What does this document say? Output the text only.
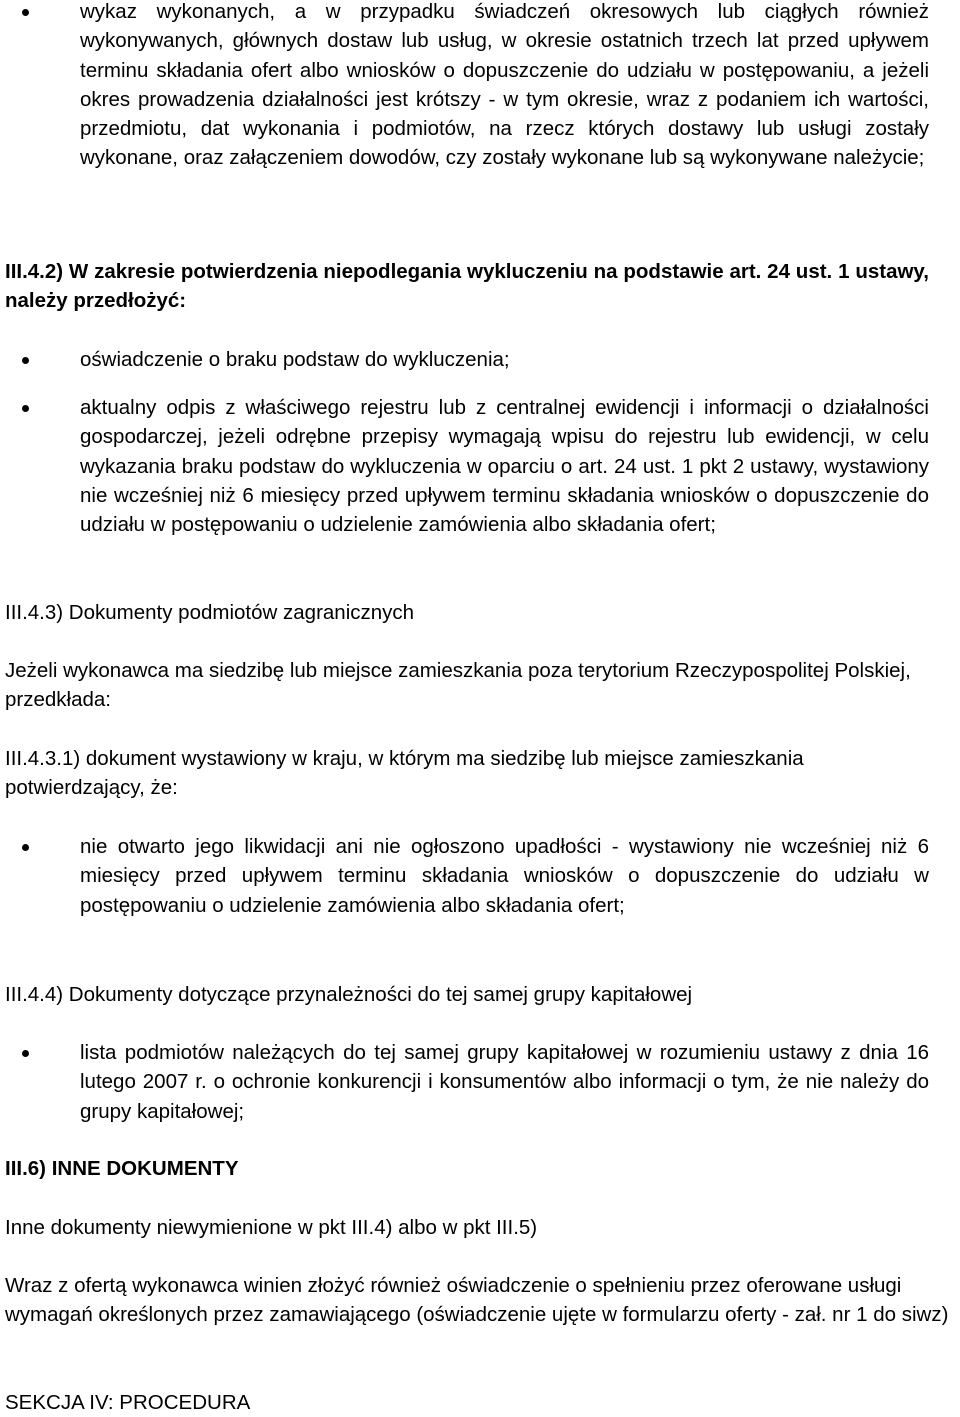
wykaz wykonanych, a w przypadku świadczeń okresowych lub ciągłych również wykonywanych, głównych dostaw lub usług, w okresie ostatnich trzech lat przed upływem terminu składania ofert albo wniosków o dopuszczenie do udziału w postępowaniu, a jeżeli okres prowadzenia działalności jest krótszy - w tym okresie, wraz z podaniem ich wartości, przedmiotu, dat wykonania i podmiotów, na rzecz których dostawy lub usługi zostały wykonane, oraz załączeniem dowodów, czy zostały wykonane lub są wykonywane należycie;

III.4.2) W zakresie potwierdzenia niepodlegania wykluczeniu na podstawie art. 24 ust. 1 ustawy, należy przedłożyć:

oświadczenie o braku podstaw do wykluczenia;

aktualny odpis z właściwego rejestru lub z centralnej ewidencji i informacji o działalności gospodarczej, jeżeli odrębne przepisy wymagają wpisu do rejestru lub ewidencji, w celu wykazania braku podstaw do wykluczenia w oparciu o art. 24 ust. 1 pkt 2 ustawy, wystawiony nie wcześniej niż 6 miesięcy przed upływem terminu składania wniosków o dopuszczenie do udziału w postępowaniu o udzielenie zamówienia albo składania ofert;

III.4.3) Dokumenty podmiotów zagranicznych

Jeżeli wykonawca ma siedzibę lub miejsce zamieszkania poza terytorium Rzeczypospolitej Polskiej, przedkłada:

III.4.3.1) dokument wystawiony w kraju, w którym ma siedzibę lub miejsce zamieszkania potwierdzający, że:

nie otwarto jego likwidacji ani nie ogłoszono upadłości - wystawiony nie wcześniej niż 6 miesięcy przed upływem terminu składania wniosków o dopuszczenie do udziału w postępowaniu o udzielenie zamówienia albo składania ofert;

III.4.4) Dokumenty dotyczące przynależności do tej samej grupy kapitałowej

lista podmiotów należących do tej samej grupy kapitałowej w rozumieniu ustawy z dnia 16 lutego 2007 r. o ochronie konkurencji i konsumentów albo informacji o tym, że nie należy do grupy kapitałowej;

III.6) INNE DOKUMENTY

Inne dokumenty niewymienione w pkt III.4) albo w pkt III.5)

Wraz z ofertą wykonawca winien złożyć również oświadczenie o spełnieniu przez oferowane usługi wymagań określonych przez zamawiającego (oświadczenie ujęte w formularzu oferty - zał. nr 1 do siwz)

SEKCJA IV: PROCEDURA
